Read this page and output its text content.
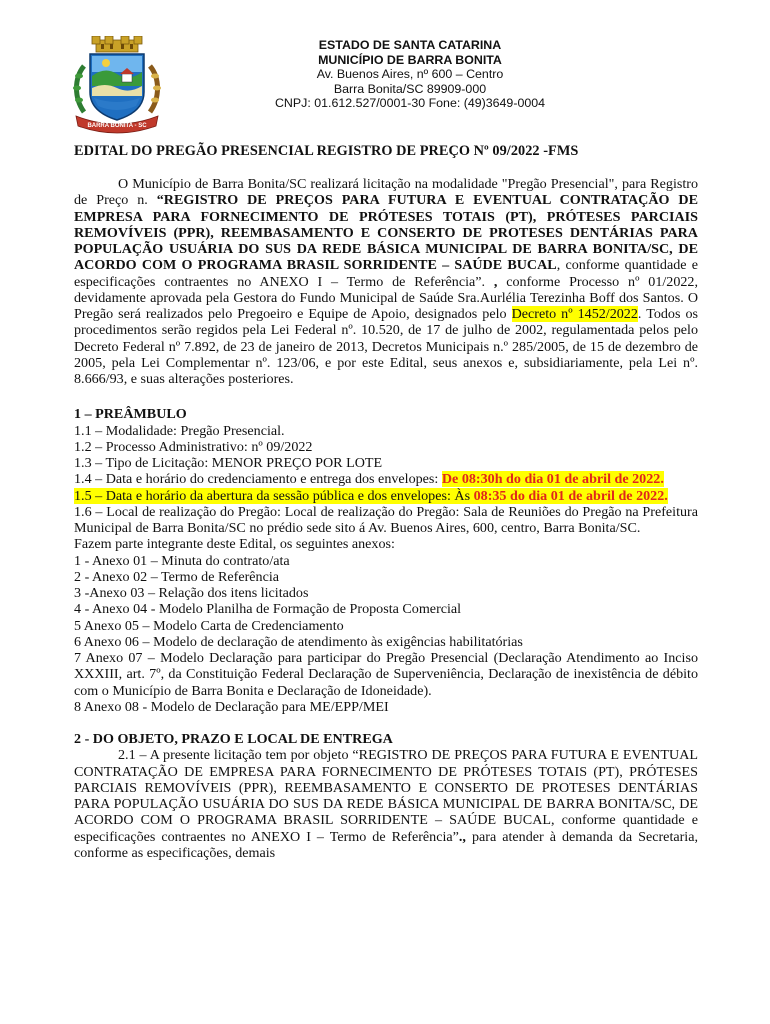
BARRA BONITA - SC
ESTADO DE SANTA CATARINA
MUNICÍPIO DE BARRA BONITA
Av. Buenos Aires, nº 600 – Centro
Barra Bonita/SC 89909-000
CNPJ: 01.612.527/0001-30 Fone: (49)3649-0004
EDITAL DO PREGÃO PRESENCIAL REGISTRO DE PREÇO Nº 09/2022 -FMS

O Município de Barra Bonita/SC realizará licitação na modalidade "Pregão Presencial", para Registro de Preço n. “REGISTRO DE PREÇOS PARA FUTURA E EVENTUAL CONTRATAÇÃO DE EMPRESA PARA FORNECIMENTO DE PRÓTESES TOTAIS (PT), PRÓTESES PARCIAIS REMOVÍVEIS (PPR), REEMBASAMENTO E CONSERTO DE PROTESES DENTÁRIAS PARA POPULAÇÃO USUÁRIA DO SUS DA REDE BÁSICA MUNICIPAL DE BARRA BONITA/SC, DE ACORDO COM O PROGRAMA BRASIL SORRIDENTE – SAÚDE BUCAL, conforme quantidade e especificações contraentes no ANEXO I – Termo de Referência”. , conforme Processo nº 01/2022, devidamente aprovada pela Gestora do Fundo Municipal de Saúde Sra.Aurlélia Terezinha Boff dos Santos. O Pregão será realizados pelo Pregoeiro e Equipe de Apoio, designados pelo Decreto nº 1452/2022. Todos os procedimentos serão regidos pela Lei Federal nº. 10.520, de 17 de julho de 2002, regulamentada pelos pelo Decreto Federal nº 7.892, de 23 de janeiro de 2013, Decretos Municipais n.º 285/2005, de 15 de dezembro de 2005, pela Lei Complementar nº. 123/06, e por este Edital, seus anexos e, subsidiariamente, pela Lei nº. 8.666/93, e suas alterações posteriores.

1 – PREÂMBULO
1.1 – Modalidade: Pregão Presencial.
1.2 – Processo Administrativo: nº 09/2022
1.3 – Tipo de Licitação: MENOR PREÇO POR LOTE
1.4 – Data e horário do credenciamento e entrega dos envelopes: De 08:30h do dia 01 de abril de 2022.
1.5 – Data e horário da abertura da sessão pública e dos envelopes: Às 08:35 do dia 01 de abril de 2022.
1.6 – Local de realização do Pregão: Local de realização do Pregão: Sala de Reuniões do Pregão na Prefeitura Municipal de Barra Bonita/SC no prédio sede sito á Av. Buenos Aires, 600, centro, Barra Bonita/SC.
Fazem parte integrante deste Edital, os seguintes anexos:
1 - Anexo 01 – Minuta do contrato/ata
2 - Anexo 02 – Termo de Referência
3 -Anexo 03 – Relação dos itens licitados
4 - Anexo 04 - Modelo Planilha de Formação de Proposta Comercial
5 Anexo 05 – Modelo Carta de Credenciamento
6 Anexo 06 – Modelo de declaração de atendimento às exigências habilitatórias
7 Anexo 07 – Modelo Declaração para participar do Pregão Presencial (Declaração Atendimento ao Inciso XXXIII, art. 7º, da Constituição Federal Declaração de Superveniência, Declaração de inexistência de débito com o Município de Barra Bonita e Declaração de Idoneidade).
8 Anexo 08 - Modelo de Declaração para ME/EPP/MEI
2 - DO OBJETO, PRAZO E LOCAL DE ENTREGA

2.1 – A presente licitação tem por objeto “REGISTRO DE PREÇOS PARA FUTURA E EVENTUAL CONTRATAÇÃO DE EMPRESA PARA FORNECIMENTO DE PRÓTESES TOTAIS (PT), PRÓTESES PARCIAIS REMOVÍVEIS (PPR), REEMBASAMENTO E CONSERTO DE PROTESES DENTÁRIAS PARA POPULAÇÃO USUÁRIA DO SUS DA REDE BÁSICA MUNICIPAL DE BARRA BONITA/SC, DE ACORDO COM O PROGRAMA BRASIL SORRIDENTE – SAÚDE BUCAL, conforme quantidade e especificações contraentes no ANEXO I – Termo de Referência”., para atender à demanda da Secretaria, conforme as especificações, demais
